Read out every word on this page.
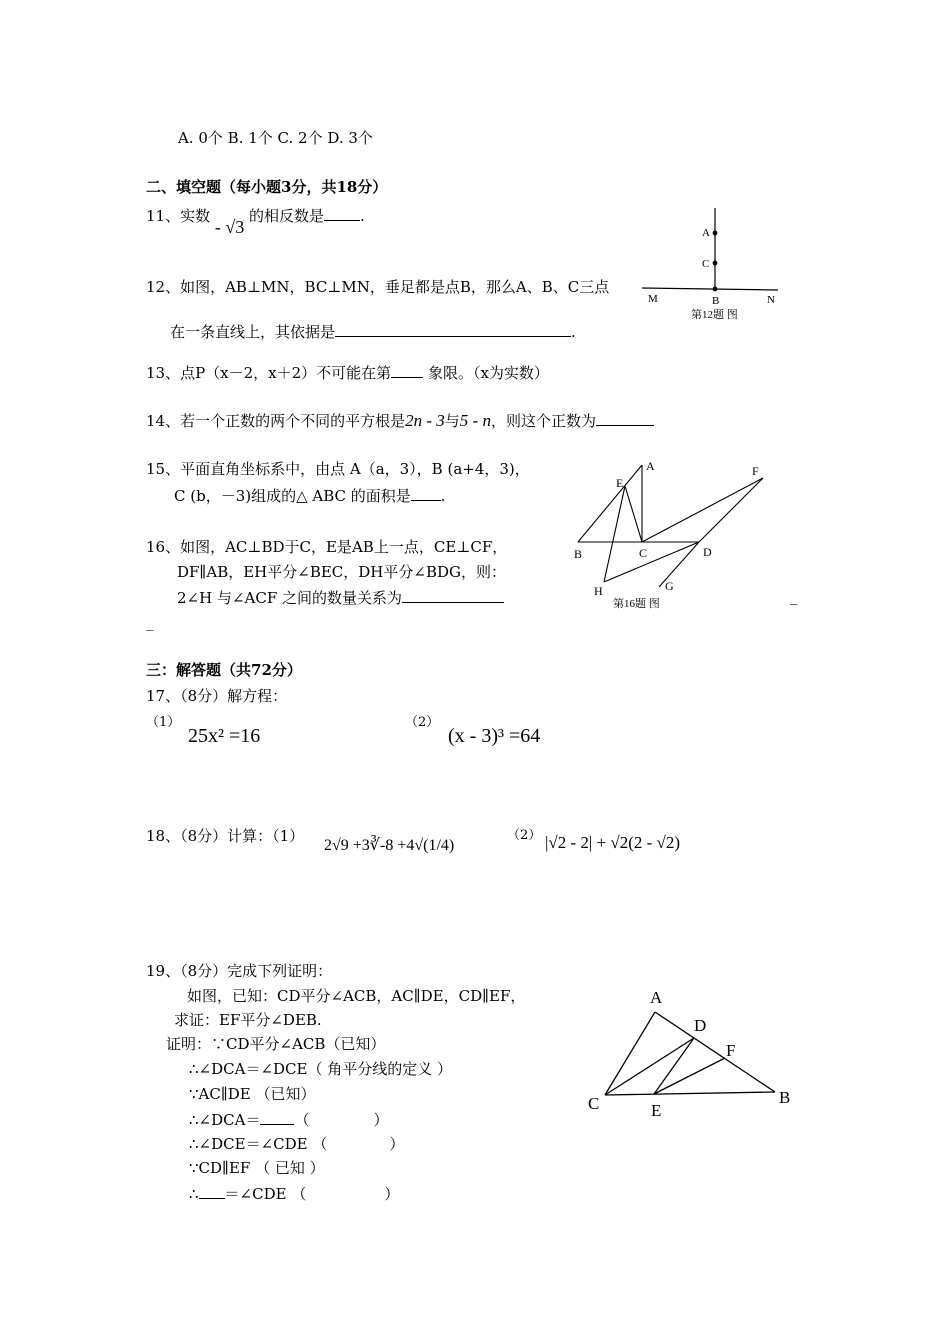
A. 0个 B. 1个 C. 2个 D. 3个
二、填空题（每小题3分，共18分）
11、实数 - √3 的相反数是 .
12、如图，AB⊥MN，BC⊥MN，垂足都是点B，那么A、B、C三点
在一条直线上，其依据是	.
A
C
M	B	N
第12题 图
13、点P（x－2，x＋2）不可能在第 象限。（x为实数）
14、若一个正数的两个不同的平方根是2n - 3与5 - n，则这个正数为
15、平面直角坐标系中，由点 A（a，3），B (a+4，3)，
C (b，－3)组成的△ ABC 的面积是 .
16、如图，AC⊥BD于C，E是AB上一点，CE⊥CF，
DF∥AB，EH平分∠BEC，DH平分∠BDG，则：
2∠H 与∠ACF 之间的数量关系为
_
_
A
E
F
B	C	D
H	G
第16题 图
三：解答题（共72分）
17、（8分）解方程：
（1）
25x² =16
（2）
(x - 3)³ =64
18、（8分）计算：（1）
2√9 +3∛-8 +4√(1/4)
（2） |√2 - 2| + √2(2 - √2)
19、（8分）完成下列证明：
如图，已知：CD平分∠ACB，AC∥DE，CD∥EF，
求证：EF平分∠DEB.
证明：∵CD平分∠ACB（已知）
∴∠DCA＝∠DCE（ 角平分线的定义 ）
∵AC∥DE （已知）
∴∠DCA＝ （	）
∴∠DCE＝∠CDE （	）
∵CD∥EF （ 已知 ）
∴ ＝∠CDE （	）
A
D
F
C	E
B
